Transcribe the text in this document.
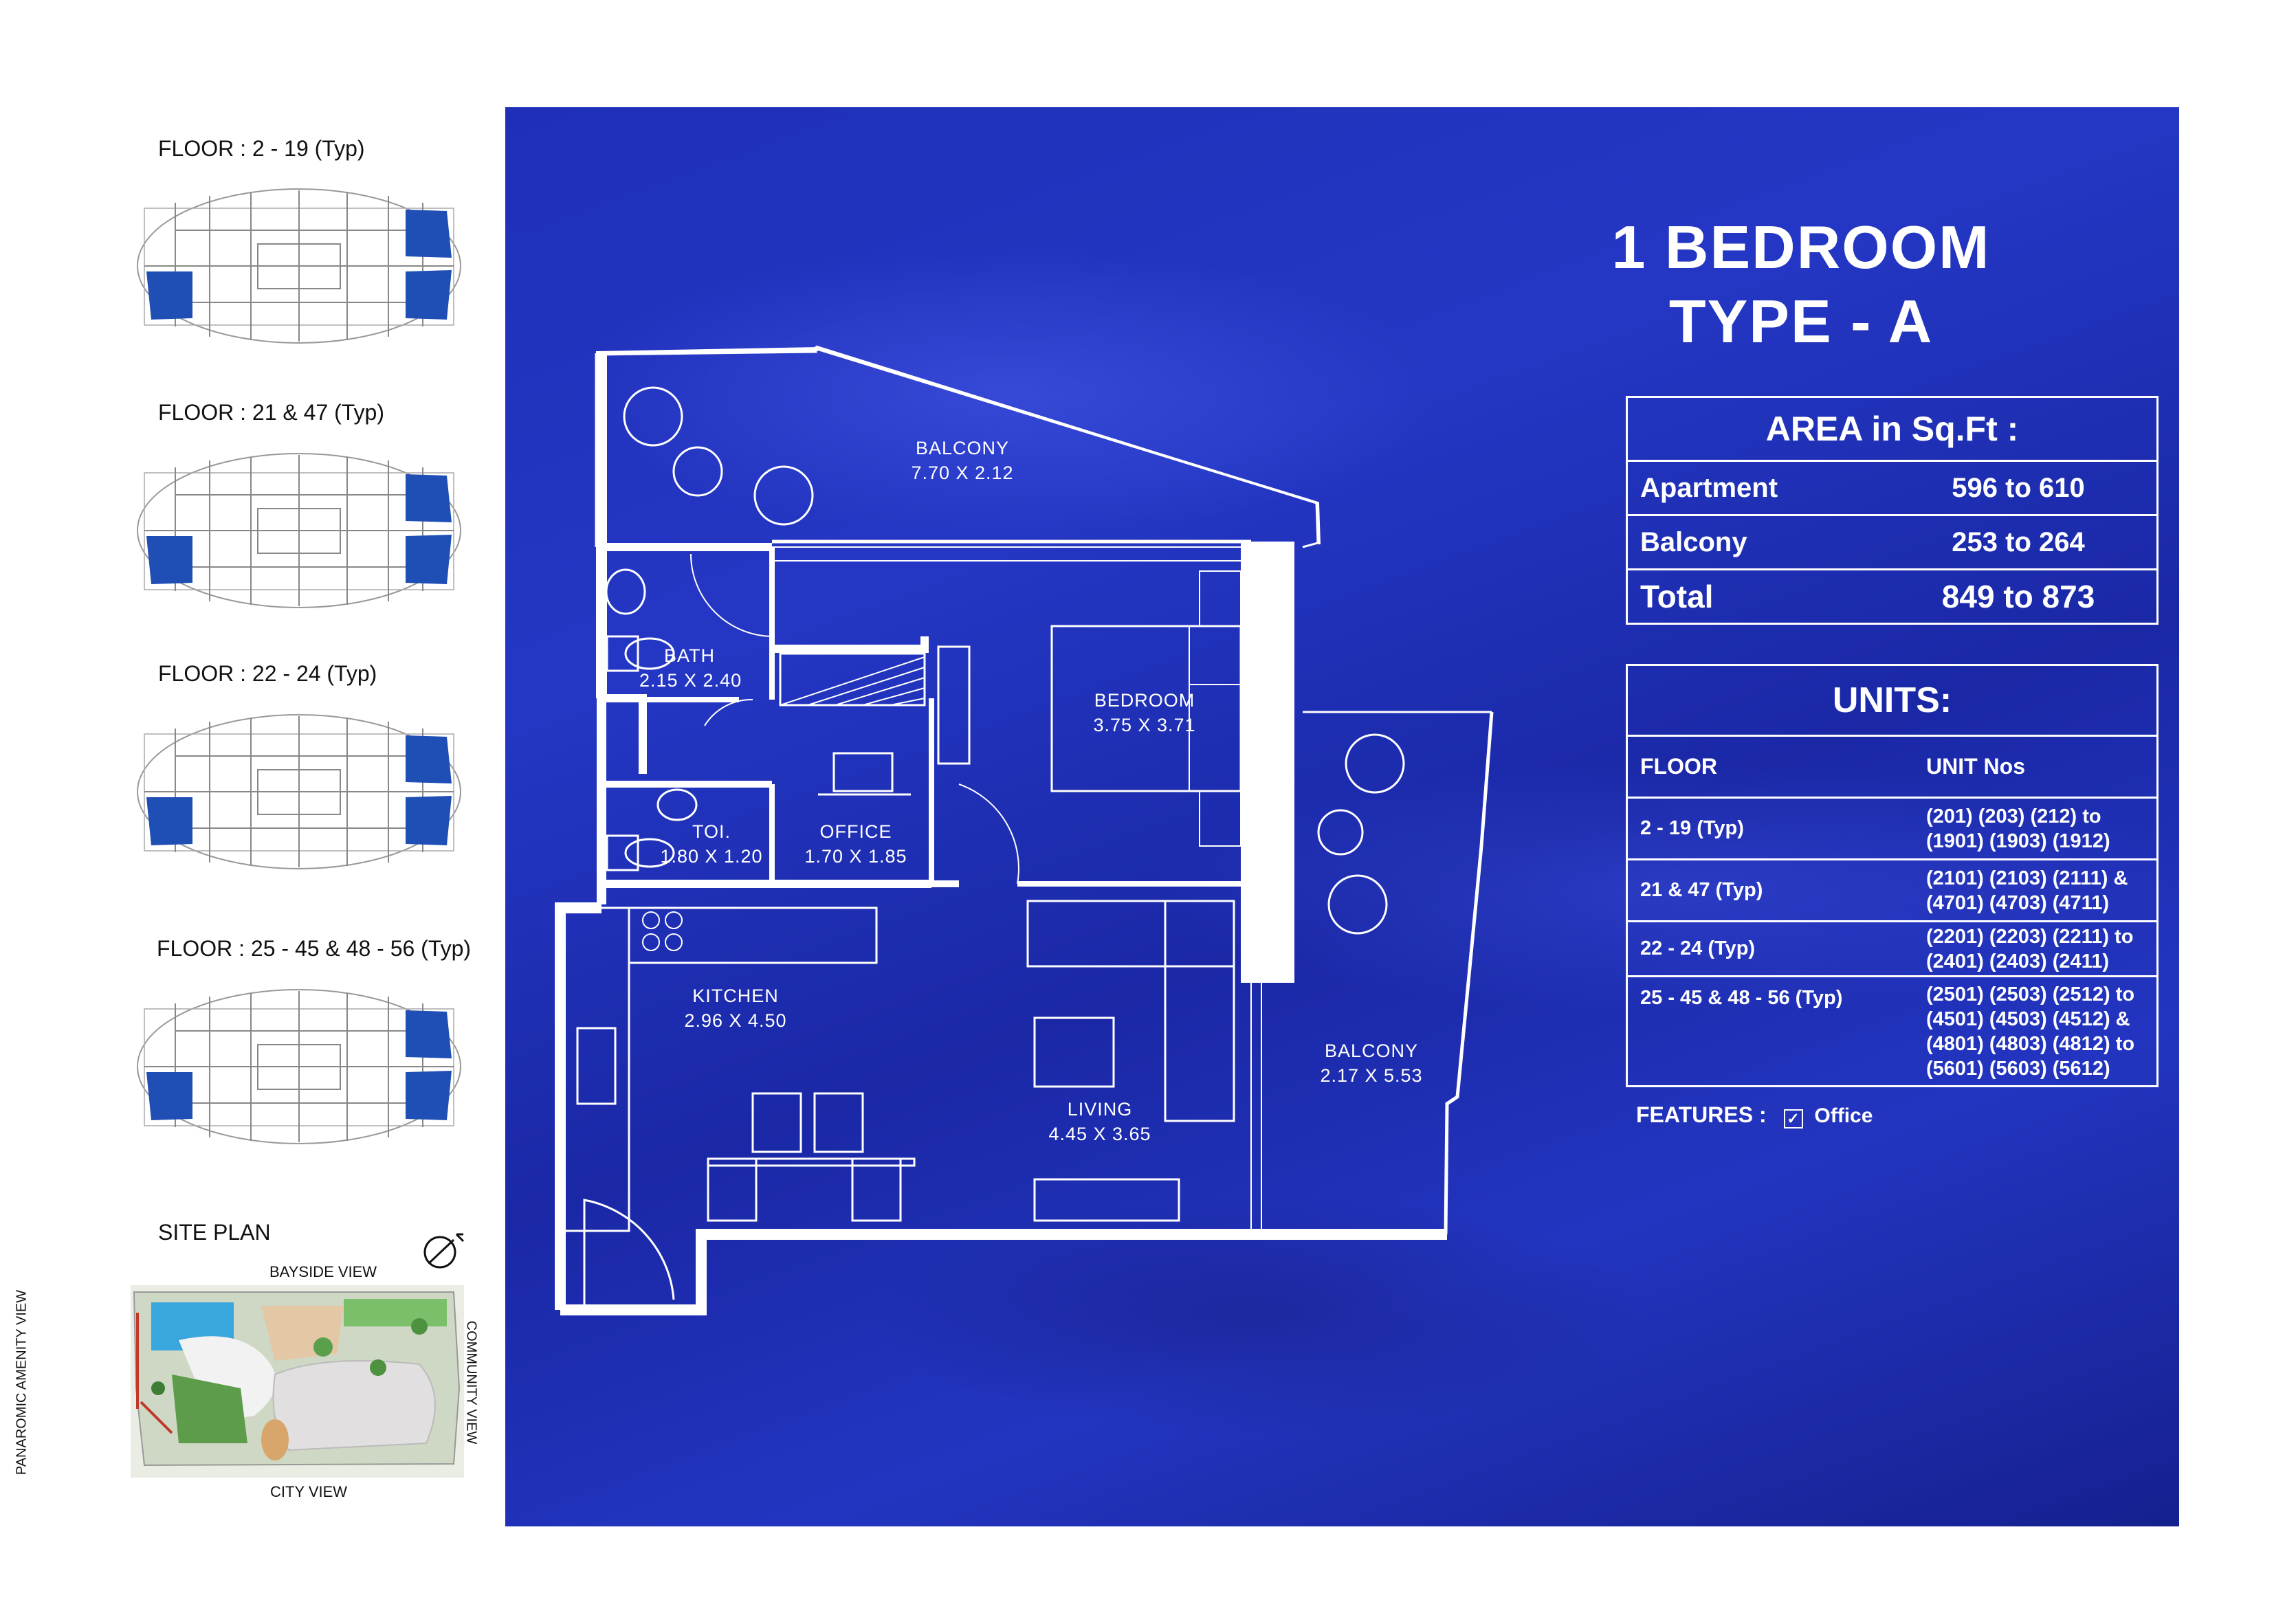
FLOOR : 2 - 19 (Typ)
FLOOR : 21 & 47 (Typ)
FLOOR : 22 - 24 (Typ)
FLOOR : 25 - 45 & 48 - 56 (Typ)
SITE PLAN
BAYSIDE VIEW
CITY VIEW
PANAROMIC AMENITY VIEW	COMMUNITY VIEW
BALCONY
7.70 X 2.12
BATH
2.15 X 2.40
BEDROOM
3.75 X 3.71
TOI.
1.80 X 1.20
OFFICE
1.70 X 1.85
KITCHEN
2.96 X 4.50
BALCONY
2.17 X 5.53
LIVING
4.45 X 3.65
1 BEDROOM
TYPE - A
AREA in Sq.Ft :	
Apartment	596 to 610
Balcony	253 to 264
Total	849 to 873
UNITS:	
FLOOR	UNIT Nos
2 - 19 (Typ)	(201) (203) (212) to
(1901) (1903) (1912)

21 & 47 (Typ)	(2101) (2103) (2111) &
(4701) (4703) (4711)

22 - 24 (Typ)	(2201) (2203) (2211) to
(2401) (2403) (2411)

25 - 45 & 48 - 56 (Typ)	(2501) (2503) (2512) to
(4501) (4503) (4512) &
(4801) (4803) (4812) to
(5601) (5603) (5612)
FEATURES : ✓ Office
